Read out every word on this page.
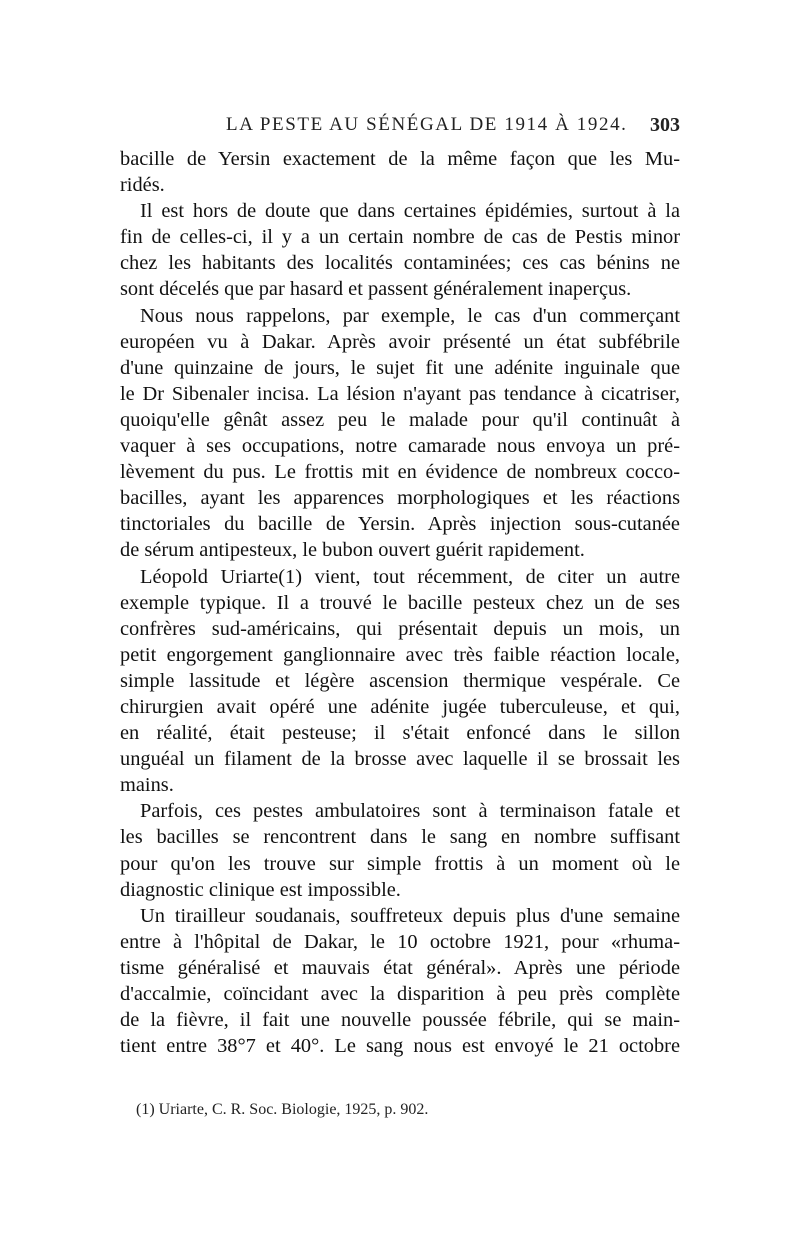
LA PESTE AU SÉNÉGAL DE 1914 À 1924. 303
bacille de Yersin exactement de la même façon que les Mu-
ridés.
Il est hors de doute que dans certaines épidémies, surtout à la
fin de celles-ci, il y a un certain nombre de cas de Pestis minor
chez les habitants des localités contaminées; ces cas bénins ne
sont décelés que par hasard et passent généralement inaperçus.
Nous nous rappelons, par exemple, le cas d'un commerçant
européen vu à Dakar. Après avoir présenté un état subfébrile
d'une quinzaine de jours, le sujet fit une adénite inguinale que
le Dr Sibenaler incisa. La lésion n'ayant pas tendance à cicatriser,
quoiqu'elle gênât assez peu le malade pour qu'il continuât à
vaquer à ses occupations, notre camarade nous envoya un pré-
lèvement du pus. Le frottis mit en évidence de nombreux cocco-
bacilles, ayant les apparences morphologiques et les réactions
tinctoriales du bacille de Yersin. Après injection sous-cutanée
de sérum antipesteux, le bubon ouvert guérit rapidement.
Léopold Uriarte(1) vient, tout récemment, de citer un autre
exemple typique. Il a trouvé le bacille pesteux chez un de ses
confrères sud-américains, qui présentait depuis un mois, un
petit engorgement ganglionnaire avec très faible réaction locale,
simple lassitude et légère ascension thermique vespérale. Ce
chirurgien avait opéré une adénite jugée tuberculeuse, et qui,
en réalité, était pesteuse; il s'était enfoncé dans le sillon
unguéal un filament de la brosse avec laquelle il se brossait les
mains.
Parfois, ces pestes ambulatoires sont à terminaison fatale et
les bacilles se rencontrent dans le sang en nombre suffisant
pour qu'on les trouve sur simple frottis à un moment où le
diagnostic clinique est impossible.
Un tirailleur soudanais, souffreteux depuis plus d'une semaine
entre à l'hôpital de Dakar, le 10 octobre 1921, pour «rhuma-
tisme généralisé et mauvais état général». Après une période
d'accalmie, coïncidant avec la disparition à peu près complète
de la fièvre, il fait une nouvelle poussée fébrile, qui se main-
tient entre 38°7 et 40°. Le sang nous est envoyé le 21 octobre
(1) Uriarte, C. R. Soc. Biologie, 1925, p. 902.
